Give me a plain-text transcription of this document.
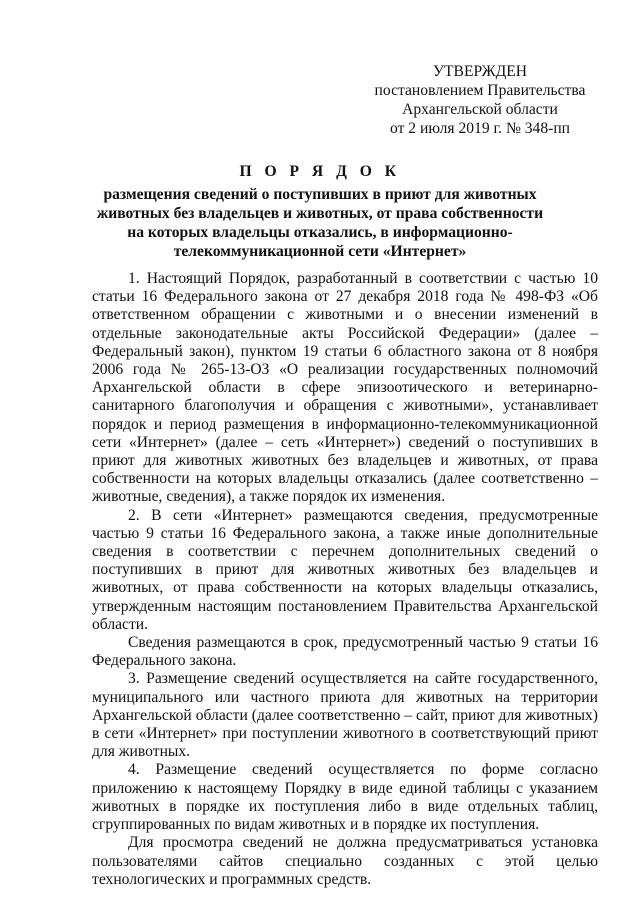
УТВЕРЖДЕН
постановлением Правительства
Архангельской области
от 2 июля 2019 г. № 348-пп
П О Р Я Д О К
размещения сведений о поступивших в приют для животных
животных без владельцев и животных, от права собственности
на которых владельцы отказались, в информационно-
телекоммуникационной сети «Интернет»

1. Настоящий Порядок, разработанный в соответствии с частью 10 статьи 16 Федерального закона от 27 декабря 2018 года № 498-ФЗ «Об ответственном обращении с животными и о внесении изменений в отдельные законодательные акты Российской Федерации» (далее – Федеральный закон), пунктом 19 статьи 6 областного закона от 8 ноября 2006 года № 265-13-ОЗ «О реализации государственных полномочий Архангельской области в сфере эпизоотического и ветеринарно-санитарного благополучия и обращения с животными», устанавливает порядок и период размещения в информационно-телекоммуникационной сети «Интернет» (далее – сеть «Интернет») сведений о поступивших в приют для животных животных без владельцев и животных, от права собственности на которых владельцы отказались (далее соответственно – животные, сведения), а также порядок их изменения.

2. В сети «Интернет» размещаются сведения, предусмотренные частью 9 статьи 16 Федерального закона, а также иные дополнительные сведения в соответствии с перечнем дополнительных сведений о поступивших в приют для животных животных без владельцев и животных, от права собственности на которых владельцы отказались, утвержденным настоящим постановлением Правительства Архангельской области.

Сведения размещаются в срок, предусмотренный частью 9 статьи 16 Федерального закона.

3. Размещение сведений осуществляется на сайте государственного, муниципального или частного приюта для животных на территории Архангельской области (далее соответственно – сайт, приют для животных) в сети «Интернет» при поступлении животного в соответствующий приют для животных.

4. Размещение сведений осуществляется по форме согласно приложению к настоящему Порядку в виде единой таблицы с указанием животных в порядке их поступления либо в виде отдельных таблиц, сгруппированных по видам животных и в порядке их поступления.

Для просмотра сведений не должна предусматриваться установка пользователями сайтов специально созданных с этой целью технологических и программных средств.
